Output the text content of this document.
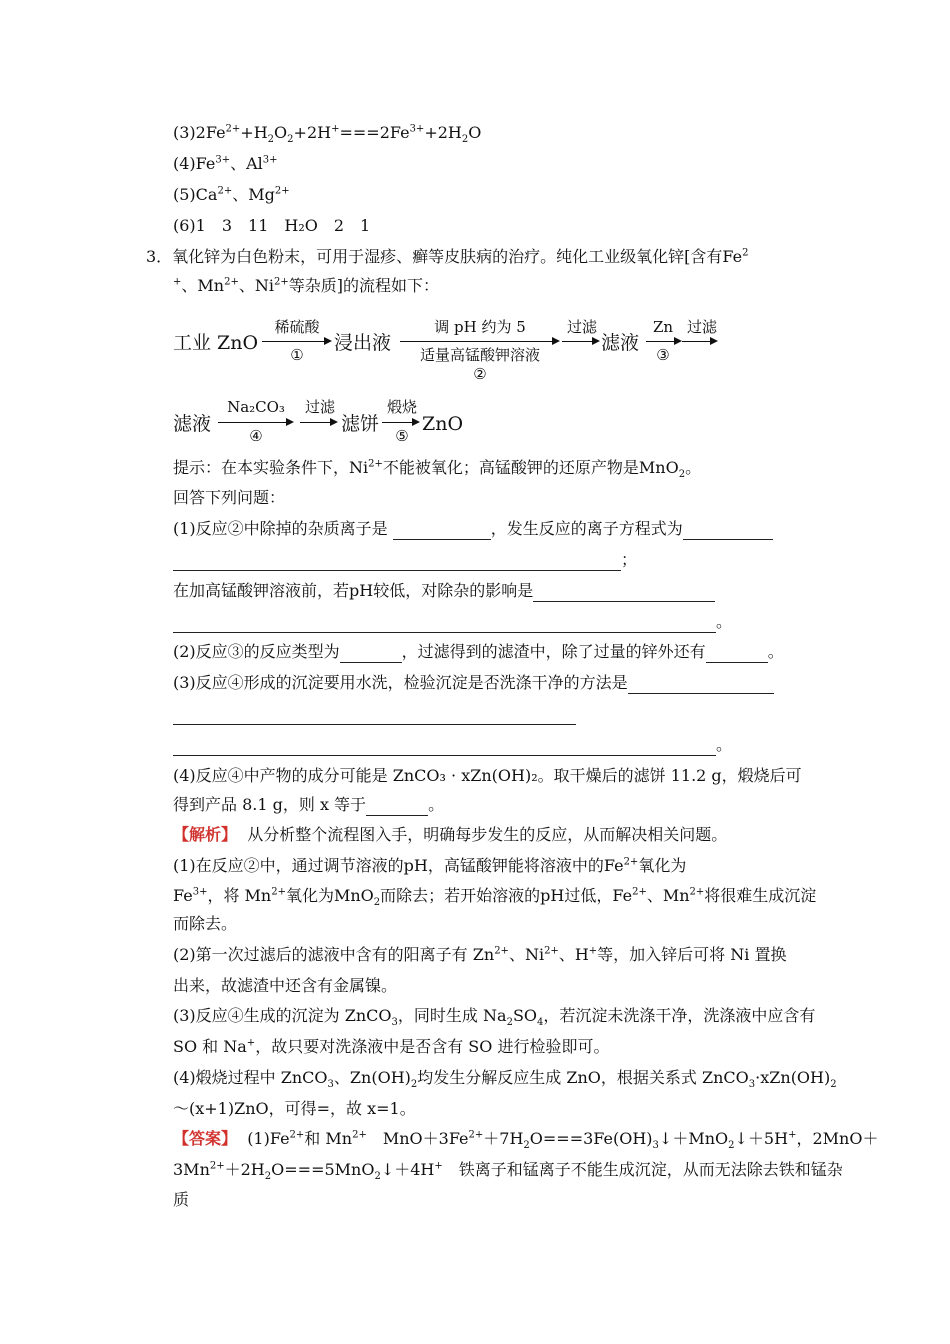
$(3)2Fe^{2+}+H_2O_2+2H^+===2Fe^{3+}+2H_2O$
$(4)Fe^{3+}$、$Al^{3+}$
$(5)Ca^{2+}$、$Mg^{2+}$
(6)1　3　11　H₂O　2　1
3．氧化锌为白色粉末，可用于湿疹、癣等皮肤病的治疗。纯化工业级氧化锌[含有Fe$^2$
+、$Mn^{2+}$、$Ni^{2+}$等杂质]的流程如下：
工业 ZnO
稀硫酸
①
浸出液
调 pH 约为 5
适量高锰酸钾溶液
②
过滤
滤液
Zn
③
过滤
滤液
Na₂CO₃
④
过滤
滤饼
煅烧
⑤
ZnO
提示：在本实验条件下，$Ni^{2+}$不能被氧化；高锰酸钾的还原产物是MnO$_2$。
回答下列问题：
(1)反应②中除掉的杂质离子是	，发生反应的离子方程式为
；
在加高锰酸钾溶液前，若pH较低，对除杂的影响是
。
(2)反应③的反应类型为	，过滤得到的滤渣中，除了过量的锌外还有	。
(3)反应④形成的沉淀要用水洗，检验沉淀是否洗涤干净的方法是
。
(4)反应④中产物的成分可能是 ZnCO₃ · xZn(OH)₂。取干燥后的滤饼 11.2 g，煅烧后可
得到产品 8.1 g，则 x 等于	。
【解析】 从分析整个流程图入手，明确每步发生的反应，从而解决相关问题。
(1)在反应②中，通过调节溶液的pH，高锰酸钾能将溶液中的$Fe^{2+}$氧化为
$Fe^{3+}$，将 $Mn^{2+}$氧化为MnO$_2$而除去；若开始溶液的pH过低，$Fe^{2+}$、$Mn^{2+}$将很难生成沉淀
而除去。
(2)第一次过滤后的滤液中含有的阳离子有 $Zn^{2+}$、$Ni^{2+}$、H+等，加入锌后可将 Ni 置换
出来，故滤渣中还含有金属镍。
(3)反应④生成的沉淀为 ZnCO$_3$，同时生成 $Na_2SO_4$，若沉淀未洗涤干净，洗涤液中应含有
SO 和 Na+，故只要对洗涤液中是否含有 SO 进行检验即可。
(4)煅烧过程中 ZnCO$_3$、$Zn(OH)_2$均发生分解反应生成 ZnO，根据关系式 $ZnCO_3\cdot xZn(OH)_2$
～(x+1)ZnO，可得=，故 x=1。
【答案】 $(1)Fe^{2+}$和 $Mn^{2+}$　$MnO+3Fe^{2+}+7H_2O===3Fe(OH)_3↓+MnO_2↓+5H^+$，2MnO＋
$3Mn^{2+}+2H_2O===5MnO_2↓+4H^+$　铁离子和锰离子不能生成沉淀，从而无法除去铁和锰杂
质
